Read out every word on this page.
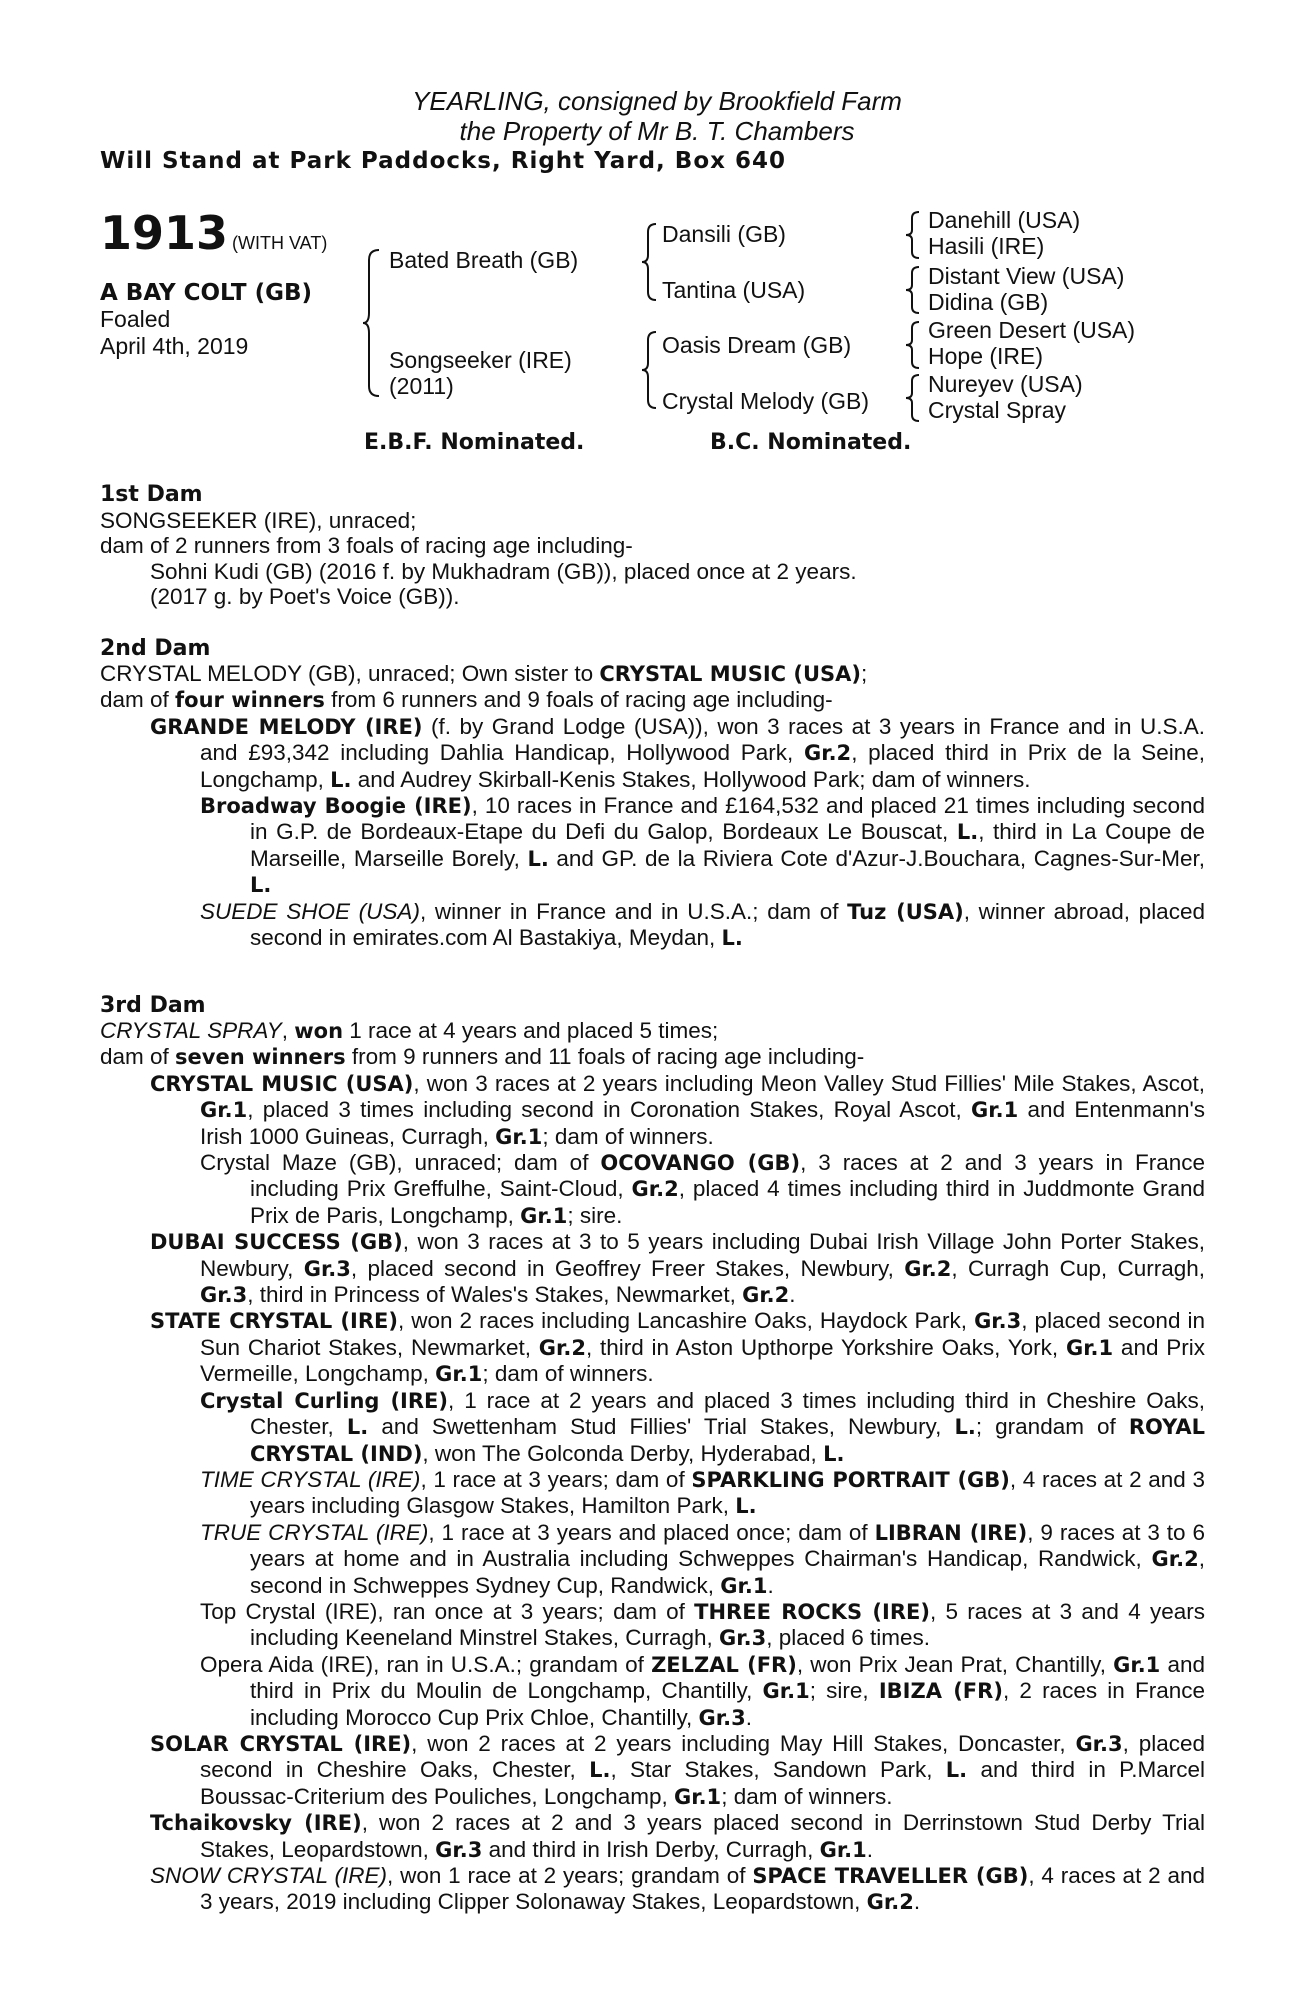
YEARLING, consigned by Brookfield Farm
the Property of Mr B. T. Chambers
Will Stand at Park Paddocks, Right Yard, Box 640
1913 (WITH VAT)
A BAY COLT (GB)
Foaled
April 4th, 2019
Bated Breath (GB)
Songseeker (IRE)
(2011)
Dansili (GB)
Tantina (USA)
Oasis Dream (GB)
Crystal Melody (GB)
Danehill (USA)
Hasili (IRE)
Distant View (USA)
Didina (GB)
Green Desert (USA)
Hope (IRE)
Nureyev (USA)
Crystal Spray
E.B.F. Nominated.	B.C. Nominated.
1st Dam

SONGSEEKER (IRE), unraced;

dam of 2 runners from 3 foals of racing age including-

Sohni Kudi (GB) (2016 f. by Mukhadram (GB)), placed once at 2 years.

(2017 g. by Poet's Voice (GB)).

2nd Dam

CRYSTAL MELODY (GB), unraced; Own sister to CRYSTAL MUSIC (USA);

dam of four winners from 6 runners and 9 foals of racing age including-

GRANDE MELODY (IRE) (f. by Grand Lodge (USA)), won 3 races at 3 years in France and in U.S.A. and £93,342 including Dahlia Handicap, Hollywood Park, Gr.2, placed third in Prix de la Seine, Longchamp, L. and Audrey Skirball-Kenis Stakes, Hollywood Park; dam of winners.

Broadway Boogie (IRE), 10 races in France and £164,532 and placed 21 times including second in G.P. de Bordeaux-Etape du Defi du Galop, Bordeaux Le Bouscat, L., third in La Coupe de Marseille, Marseille Borely, L. and GP. de la Riviera Cote d'Azur-J.Bouchara, Cagnes-Sur-Mer, L.

SUEDE SHOE (USA), winner in France and in U.S.A.; dam of Tuz (USA), winner abroad, placed second in emirates.com Al Bastakiya, Meydan, L.

3rd Dam

CRYSTAL SPRAY, won 1 race at 4 years and placed 5 times;

dam of seven winners from 9 runners and 11 foals of racing age including-

CRYSTAL MUSIC (USA), won 3 races at 2 years including Meon Valley Stud Fillies' Mile Stakes, Ascot, Gr.1, placed 3 times including second in Coronation Stakes, Royal Ascot, Gr.1 and Entenmann's Irish 1000 Guineas, Curragh, Gr.1; dam of winners.

Crystal Maze (GB), unraced; dam of OCOVANGO (GB), 3 races at 2 and 3 years in France including Prix Greffulhe, Saint-Cloud, Gr.2, placed 4 times including third in Juddmonte Grand Prix de Paris, Longchamp, Gr.1; sire.

DUBAI SUCCESS (GB), won 3 races at 3 to 5 years including Dubai Irish Village John Porter Stakes, Newbury, Gr.3, placed second in Geoffrey Freer Stakes, Newbury, Gr.2, Curragh Cup, Curragh, Gr.3, third in Princess of Wales's Stakes, Newmarket, Gr.2.

STATE CRYSTAL (IRE), won 2 races including Lancashire Oaks, Haydock Park, Gr.3, placed second in Sun Chariot Stakes, Newmarket, Gr.2, third in Aston Upthorpe Yorkshire Oaks, York, Gr.1 and Prix Vermeille, Longchamp, Gr.1; dam of winners.

Crystal Curling (IRE), 1 race at 2 years and placed 3 times including third in Cheshire Oaks, Chester, L. and Swettenham Stud Fillies' Trial Stakes, Newbury, L.; grandam of ROYAL CRYSTAL (IND), won The Golconda Derby, Hyderabad, L.

TIME CRYSTAL (IRE), 1 race at 3 years; dam of SPARKLING PORTRAIT (GB), 4 races at 2 and 3 years including Glasgow Stakes, Hamilton Park, L.

TRUE CRYSTAL (IRE), 1 race at 3 years and placed once; dam of LIBRAN (IRE), 9 races at 3 to 6 years at home and in Australia including Schweppes Chairman's Handicap, Randwick, Gr.2, second in Schweppes Sydney Cup, Randwick, Gr.1.

Top Crystal (IRE), ran once at 3 years; dam of THREE ROCKS (IRE), 5 races at 3 and 4 years including Keeneland Minstrel Stakes, Curragh, Gr.3, placed 6 times.

Opera Aida (IRE), ran in U.S.A.; grandam of ZELZAL (FR), won Prix Jean Prat, Chantilly, Gr.1 and third in Prix du Moulin de Longchamp, Chantilly, Gr.1; sire, IBIZA (FR), 2 races in France including Morocco Cup Prix Chloe, Chantilly, Gr.3.

SOLAR CRYSTAL (IRE), won 2 races at 2 years including May Hill Stakes, Doncaster, Gr.3, placed second in Cheshire Oaks, Chester, L., Star Stakes, Sandown Park, L. and third in P.Marcel Boussac-Criterium des Pouliches, Longchamp, Gr.1; dam of winners.

Tchaikovsky (IRE), won 2 races at 2 and 3 years placed second in Derrinstown Stud Derby Trial Stakes, Leopardstown, Gr.3 and third in Irish Derby, Curragh, Gr.1.

SNOW CRYSTAL (IRE), won 1 race at 2 years; grandam of SPACE TRAVELLER (GB), 4 races at 2 and 3 years, 2019 including Clipper Solonaway Stakes, Leopardstown, Gr.2.
